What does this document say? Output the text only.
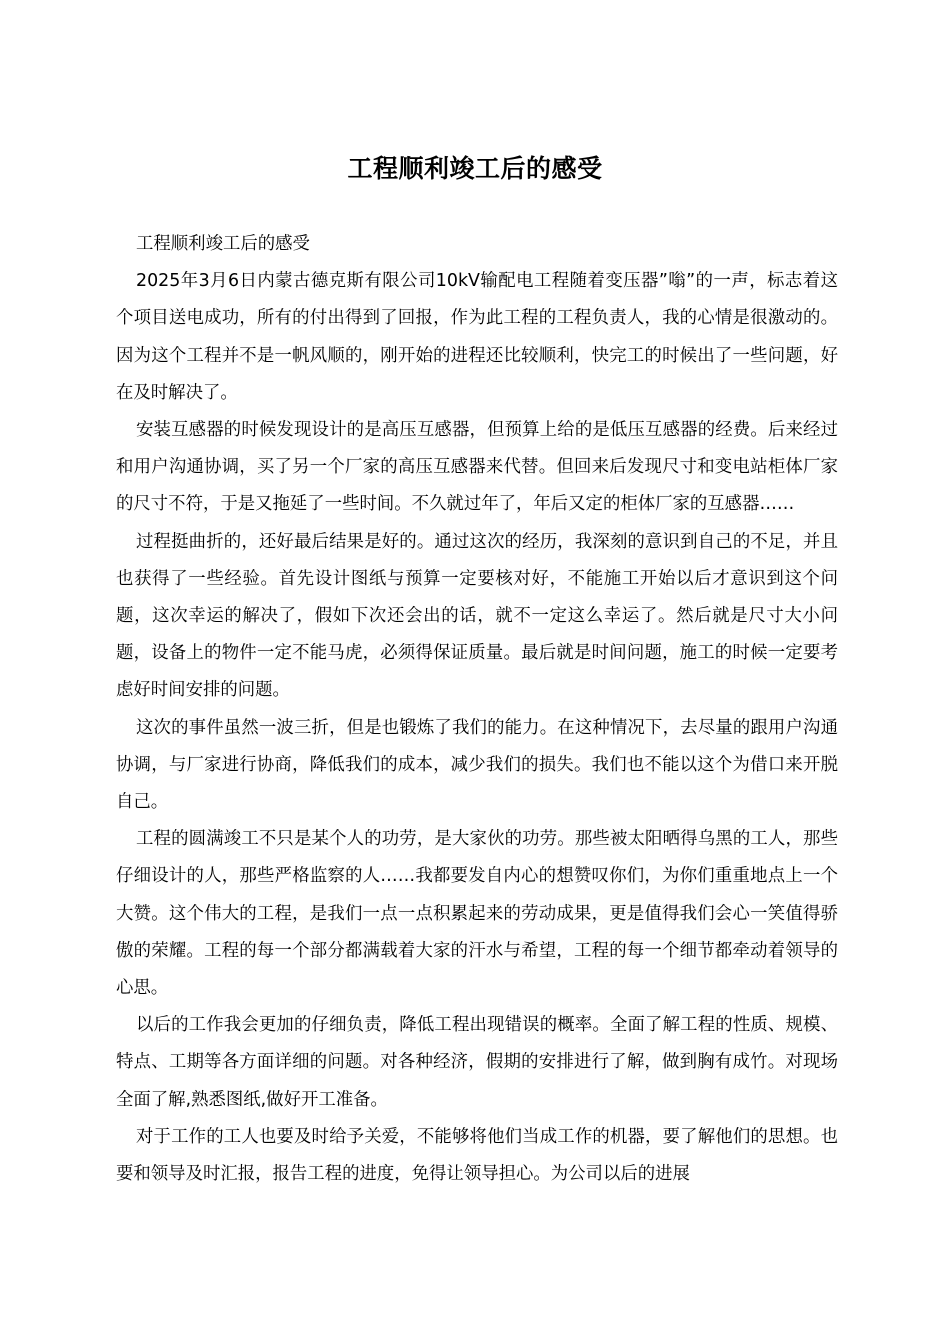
工程顺利竣工后的感受

工程顺利竣工后的感受

2025年3月6日内蒙古德克斯有限公司10kV输配电工程随着变压器”嗡”的一声，标志着这个项目送电成功，所有的付出得到了回报，作为此工程的工程负责人，我的心情是很激动的。因为这个工程并不是一帆风顺的，刚开始的进程还比较顺利，快完工的时候出了一些问题，好在及时解决了。

安装互感器的时候发现设计的是高压互感器，但预算上给的是低压互感器的经费。后来经过和用户沟通协调，买了另一个厂家的高压互感器来代替。但回来后发现尺寸和变电站柜体厂家的尺寸不符，于是又拖延了一些时间。不久就过年了，年后又定的柜体厂家的互感器……

过程挺曲折的，还好最后结果是好的。通过这次的经历，我深刻的意识到自己的不足，并且也获得了一些经验。首先设计图纸与预算一定要核对好，不能施工开始以后才意识到这个问题，这次幸运的解决了，假如下次还会出的话，就不一定这么幸运了。然后就是尺寸大小问题，设备上的物件一定不能马虎，必须得保证质量。最后就是时间问题，施工的时候一定要考虑好时间安排的问题。

这次的事件虽然一波三折，但是也锻炼了我们的能力。在这种情况下，去尽量的跟用户沟通协调，与厂家进行协商，降低我们的成本，减少我们的损失。我们也不能以这个为借口来开脱自己。

工程的圆满竣工不只是某个人的功劳，是大家伙的功劳。那些被太阳晒得乌黑的工人，那些仔细设计的人，那些严格监察的人……我都要发自内心的想赞叹你们，为你们重重地点上一个大赞。这个伟大的工程，是我们一点一点积累起来的劳动成果，更是值得我们会心一笑值得骄傲的荣耀。工程的每一个部分都满载着大家的汗水与希望，工程的每一个细节都牵动着领导的心思。

以后的工作我会更加的仔细负责，降低工程出现错误的概率。全面了解工程的性质、规模、特点、工期等各方面详细的问题。对各种经济，假期的安排进行了解，做到胸有成竹。对现场全面了解,熟悉图纸,做好开工准备。

对于工作的工人也要及时给予关爱，不能够将他们当成工作的机器，要了解他们的思想。也要和领导及时汇报，报告工程的进度，免得让领导担心。为公司以后的进展
